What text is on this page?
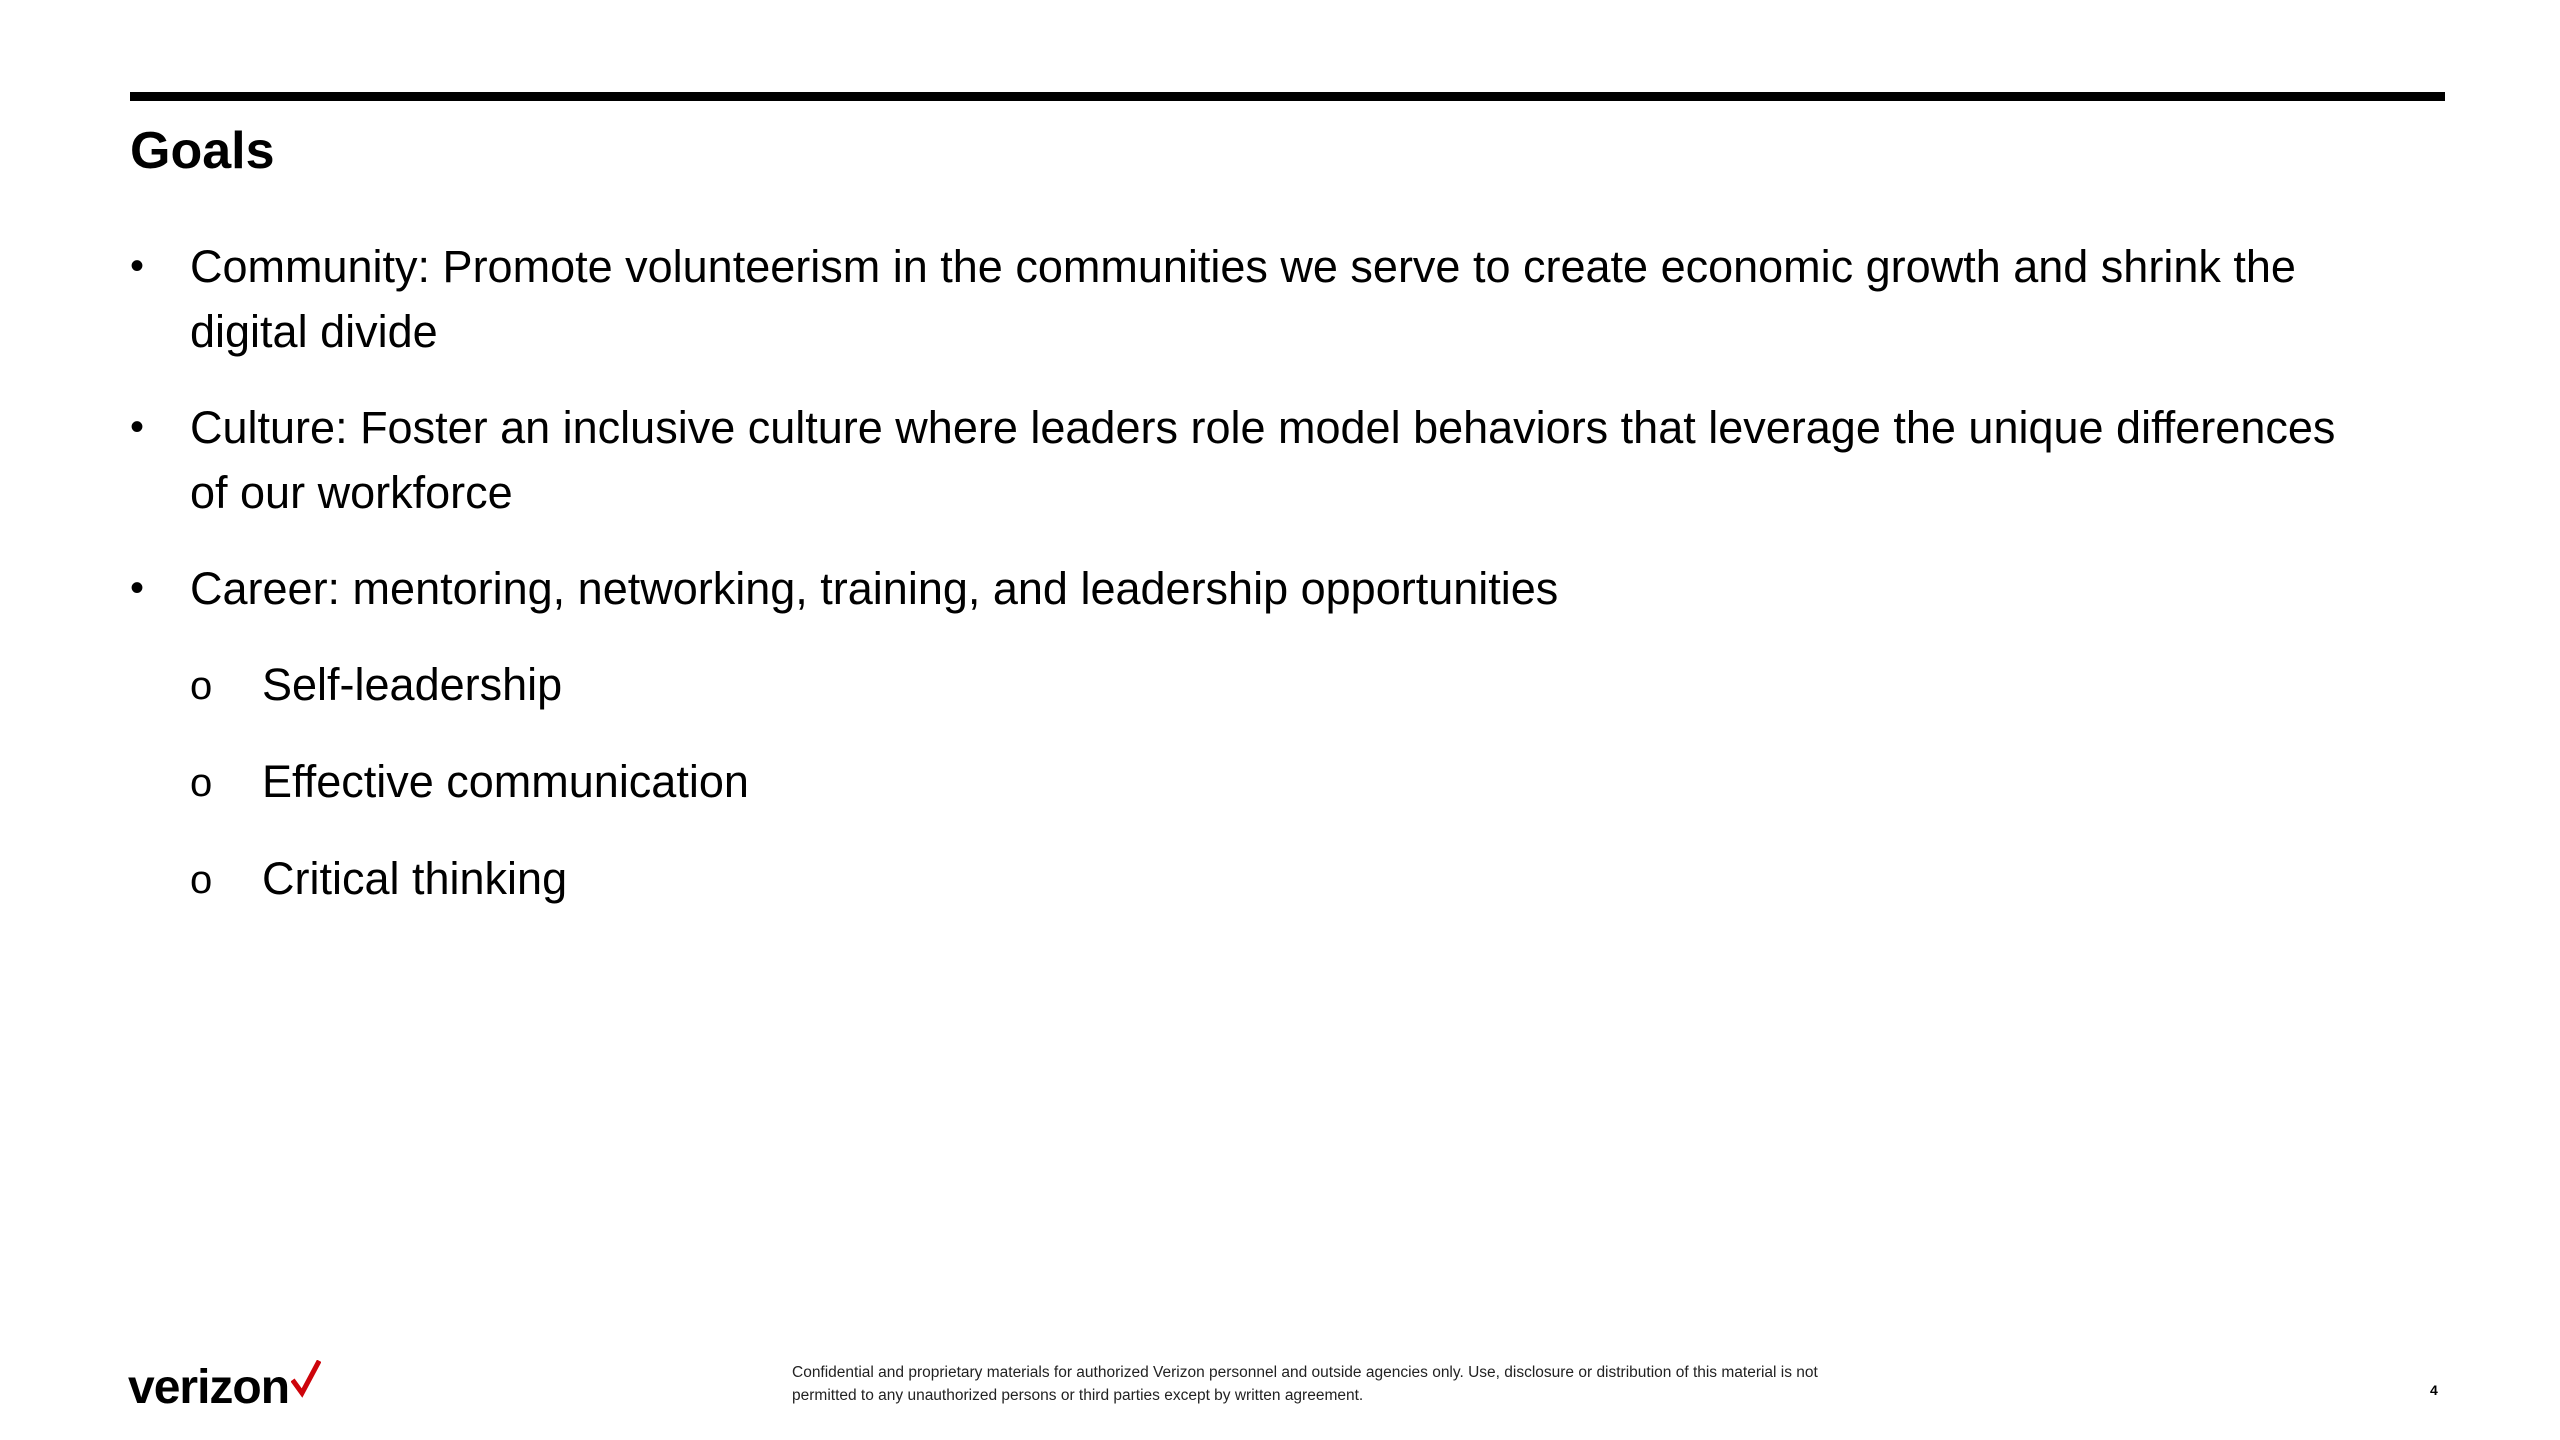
Goals
•	Community: Promote volunteerism in the communities we serve to create economic growth and shrink the digital divide
•	Culture: Foster an inclusive culture where leaders role model behaviors that leverage the unique differences of our workforce
•	Career: mentoring, networking, training, and leadership opportunities
o	Self-leadership
o	Effective communication
o	Critical thinking
verizon	Confidential and proprietary materials for authorized Verizon personnel and outside agencies only. Use, disclosure or distribution of this material is not
permitted to any unauthorized persons or third parties except by written agreement.	4
